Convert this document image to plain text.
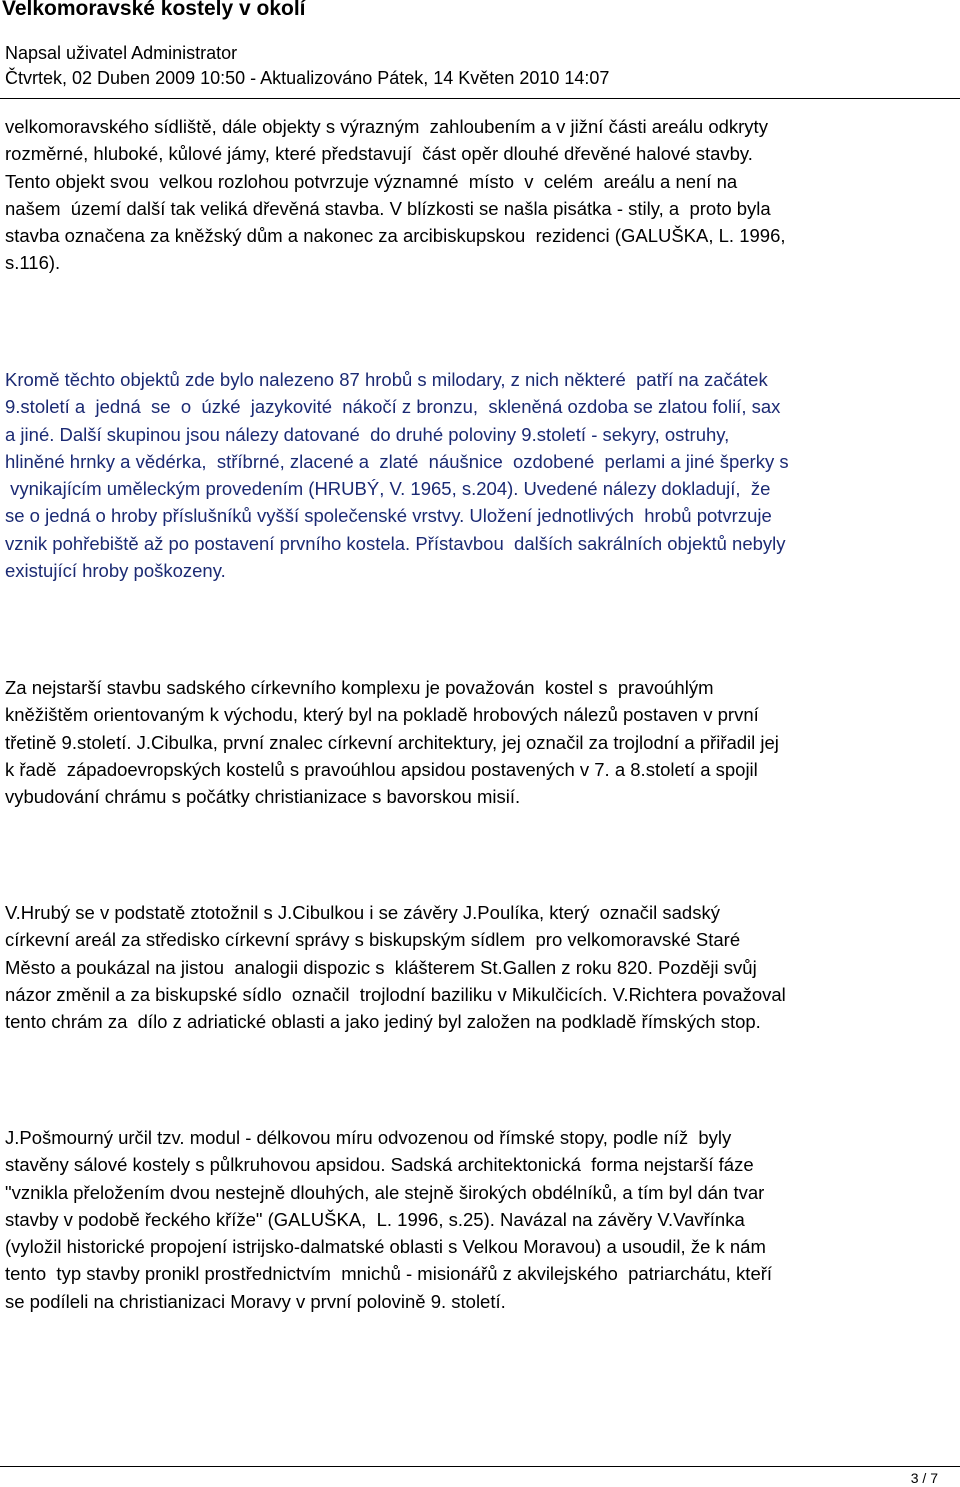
Velkomoravské kostely v okolí
Napsal uživatel Administrator
Čtvrtek, 02 Duben 2009 10:50 - Aktualizováno Pátek, 14 Květen 2010 14:07

velkomoravského sídliště, dále objekty s výrazným  zahloubením a v jižní části areálu odkryty
rozměrné, hluboké, kůlové jámy, které představují  část opěr dlouhé dřevěné halové stavby.
Tento objekt svou  velkou rozlohou potvrzuje významné  místo  v  celém  areálu a není na
našem  území další tak veliká dřevěná stavba. V blízkosti se našla pisátka - stily, a  proto byla
stavba označena za kněžský dům a nakonec za arcibiskupskou  rezidenci (GALUŠKA, L. 1996,
s.116).

Kromě těchto objektů zde bylo nalezeno 87 hrobů s milodary, z nich některé  patří na začátek
9.století a  jedná  se  o  úzké  jazykovité  nákočí z bronzu,  skleněná ozdoba se zlatou folií, sax
a jiné. Další skupinou jsou nálezy datované  do druhé poloviny 9.století - sekyry, ostruhy,
hliněné hrnky a vědérka,  stříbrné, zlacené a  zlaté  náušnice  ozdobené  perlami a jiné šperky s
vynikajícím uměleckým provedením (HRUBÝ, V. 1965, s.204). Uvedené nálezy dokladují,  že
se o jedná o hroby příslušníků vyšší společenské vrstvy. Uložení jednotlivých  hrobů potvrzuje
vznik pohřebiště až po postavení prvního kostela. Přístavbou  dalších sakrálních objektů nebyly
existující hroby poškozeny.

Za nejstarší stavbu sadského církevního komplexu je považován  kostel s  pravoúhlým
kněžištěm orientovaným k východu, který byl na pokladě hrobových nálezů postaven v první
třetině 9.století. J.Cibulka, první znalec církevní architektury, jej označil za trojlodní a přiřadil jej
k řadě  západoevropských kostelů s pravoúhlou apsidou postavených v 7. a 8.století a spojil
vybudování chrámu s počátky christianizace s bavorskou misií.

V.Hrubý se v podstatě ztotožnil s J.Cibulkou i se závěry J.Poulíka, který  označil sadský
církevní areál za středisko církevní správy s biskupským sídlem  pro velkomoravské Staré
Město a poukázal na jistou  analogii dispozic s  klášterem St.Gallen z roku 820. Později svůj
názor změnil a za biskupské sídlo  označil  trojlodní baziliku v Mikulčicích. V.Richtera považoval
tento chrám za  dílo z adriatické oblasti a jako jediný byl založen na podkladě římských stop.

J.Pošmourný určil tzv. modul - délkovou míru odvozenou od římské stopy, podle níž  byly
stavěny sálové kostely s půlkruhovou apsidou. Sadská architektonická  forma nejstarší fáze
"vznikla přeložením dvou nestejně dlouhých, ale stejně širokých obdélníků, a tím byl dán tvar
stavby v podobě řeckého kříže" (GALUŠKA,  L. 1996, s.25). Navázal na závěry V.Vavřínka
(vyložil historické propojení istrijsko-dalmatské oblasti s Velkou Moravou) a usoudil, že k nám
tento  typ stavby pronikl prostřednictvím  mnichů - misionářů z akvilejského  patriarchátu, kteří
se podíleli na christianizaci Moravy v první polovině 9. století.

3 / 7
